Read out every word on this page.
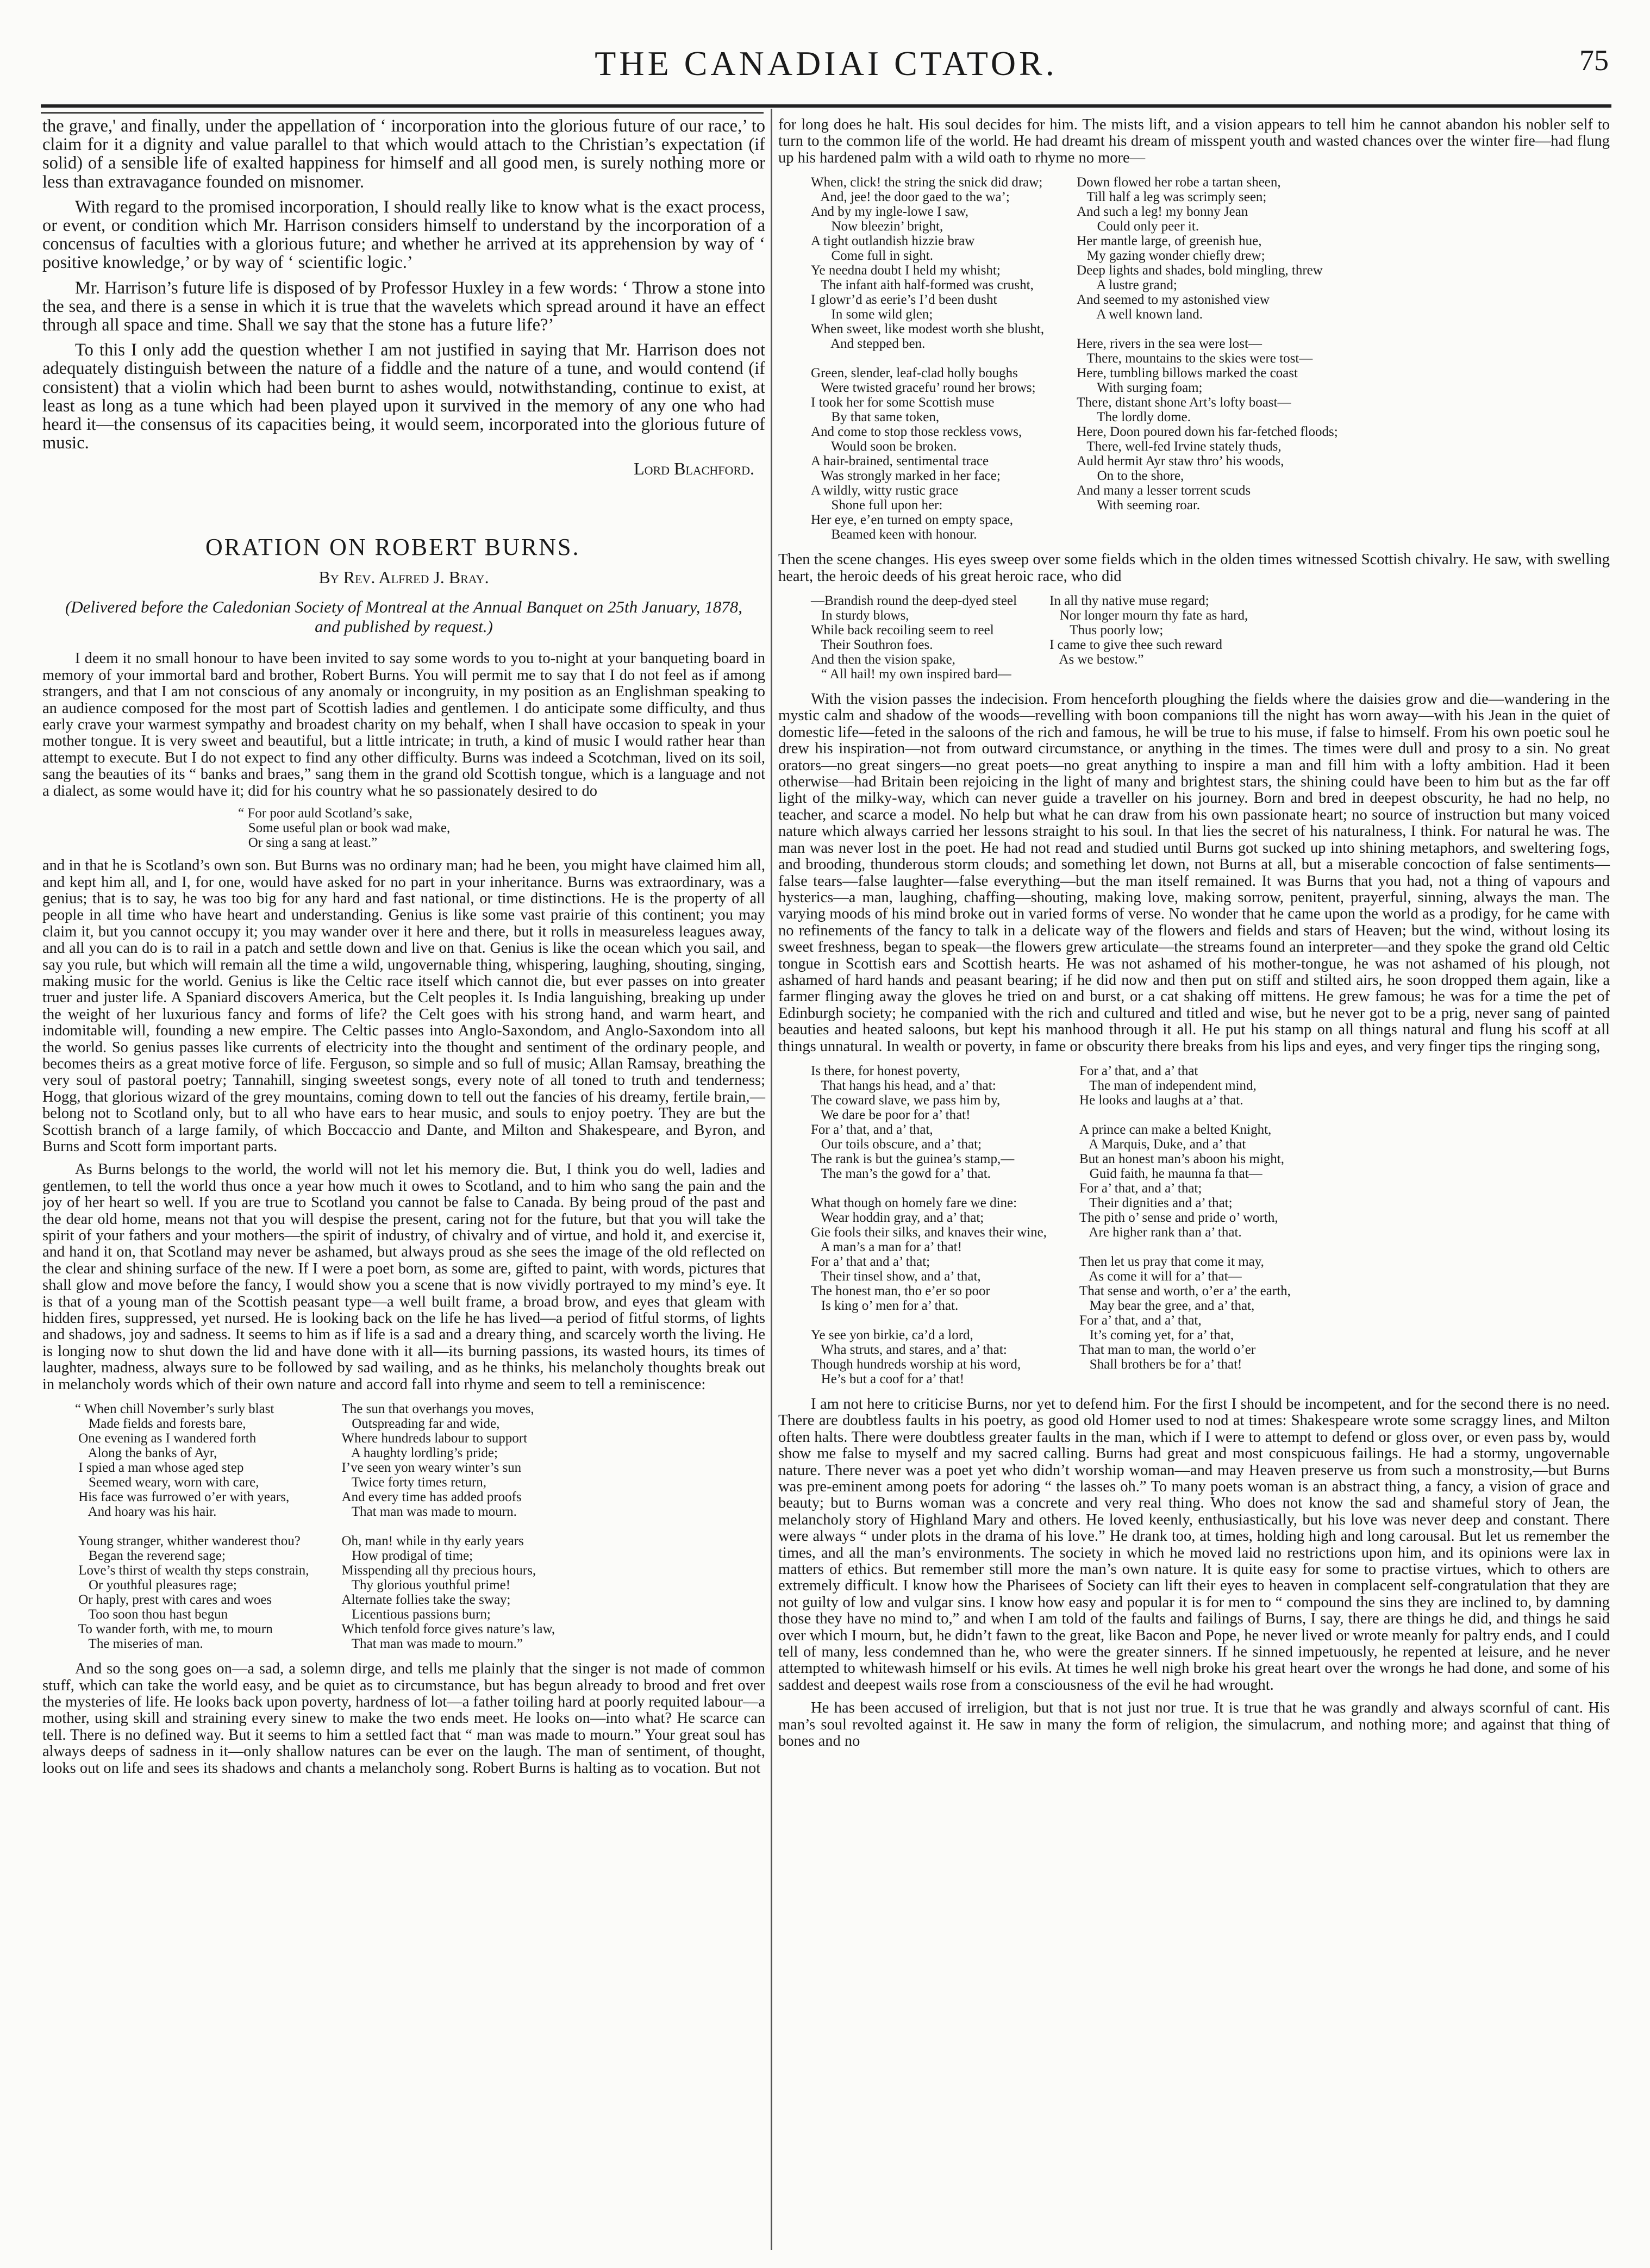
THE CANADIAI CTATOR.	75

the grave,' and finally, under the appellation of ‘ incorporation into the glorious future of our race,’ to claim for it a dignity and value parallel to that which would attach to the Christian’s expectation (if solid) of a sensible life of exalted happiness for himself and all good men, is surely nothing more or less than extravagance founded on misnomer.

With regard to the promised incorporation, I should really like to know what is the exact process, or event, or condition which Mr. Harrison considers himself to understand by the incorporation of a concensus of faculties with a glorious future; and whether he arrived at its apprehension by way of ‘ positive knowledge,’ or by way of ‘ scientific logic.’

Mr. Harrison’s future life is disposed of by Professor Huxley in a few words: ‘ Throw a stone into the sea, and there is a sense in which it is true that the wavelets which spread around it have an effect through all space and time. Shall we say that the stone has a future life?’

To this I only add the question whether I am not justified in saying that Mr. Harrison does not adequately distinguish between the nature of a fiddle and the nature of a tune, and would contend (if consistent) that a violin which had been burnt to ashes would, notwithstanding, continue to exist, at least as long as a tune which had been played upon it survived in the memory of any one who had heard it—the consensus of its capacities being, it would seem, incorporated into the glorious future of music.

Lord Blachford.
ORATION ON ROBERT BURNS.
By Rev. Alfred J. Bray.
(Delivered before the Caledonian Society of Montreal at the Annual Banquet on 25th January, 1878, and published by request.)

I deem it no small honour to have been invited to say some words to you to-night at your banqueting board in memory of your immortal bard and brother, Robert Burns. You will permit me to say that I do not feel as if among strangers, and that I am not conscious of any anomaly or incongruity, in my position as an Englishman speaking to an audience composed for the most part of Scottish ladies and gentlemen. I do anticipate some difficulty, and thus early crave your warmest sympathy and broadest charity on my behalf, when I shall have occasion to speak in your mother tongue. It is very sweet and beautiful, but a little intricate; in truth, a kind of music I would rather hear than attempt to execute. But I do not expect to find any other difficulty. Burns was indeed a Scotchman, lived on its soil, sang the beauties of its “ banks and braes,” sang them in the grand old Scottish tongue, which is a language and not a dialect, as some would have it; did for his country what he so passionately desired to do

“ For poor auld Scotland’s sake,
Some useful plan or book wad make,
Or sing a sang at least.”

and in that he is Scotland’s own son. But Burns was no ordinary man; had he been, you might have claimed him all, and kept him all, and I, for one, would have asked for no part in your inheritance. Burns was extraordinary, was a genius; that is to say, he was too big for any hard and fast national, or time distinctions. He is the property of all people in all time who have heart and understanding. Genius is like some vast prairie of this continent; you may claim it, but you cannot occupy it; you may wander over it here and there, but it rolls in measureless leagues away, and all you can do is to rail in a patch and settle down and live on that. Genius is like the ocean which you sail, and say you rule, but which will remain all the time a wild, ungovernable thing, whispering, laughing, shouting, singing, making music for the world. Genius is like the Celtic race itself which cannot die, but ever passes on into greater truer and juster life. A Spaniard discovers America, but the Celt peoples it. Is India languishing, breaking up under the weight of her luxurious fancy and forms of life? the Celt goes with his strong hand, and warm heart, and indomitable will, founding a new empire. The Celtic passes into Anglo-Saxondom, and Anglo-Saxondom into all the world. So genius passes like currents of electricity into the thought and sentiment of the ordinary people, and becomes theirs as a great motive force of life. Ferguson, so simple and so full of music; Allan Ramsay, breathing the very soul of pastoral poetry; Tannahill, singing sweetest songs, every note of all toned to truth and tenderness; Hogg, that glorious wizard of the grey mountains, coming down to tell out the fancies of his dreamy, fertile brain,—belong not to Scotland only, but to all who have ears to hear music, and souls to enjoy poetry. They are but the Scottish branch of a large family, of which Boccaccio and Dante, and Milton and Shakespeare, and Byron, and Burns and Scott form important parts.

As Burns belongs to the world, the world will not let his memory die. But, I think you do well, ladies and gentlemen, to tell the world thus once a year how much it owes to Scotland, and to him who sang the pain and the joy of her heart so well. If you are true to Scotland you cannot be false to Canada. By being proud of the past and the dear old home, means not that you will despise the present, caring not for the future, but that you will take the spirit of your fathers and your mothers—the spirit of industry, of chivalry and of virtue, and hold it, and exercise it, and hand it on, that Scotland may never be ashamed, but always proud as she sees the image of the old reflected on the clear and shining surface of the new. If I were a poet born, as some are, gifted to paint, with words, pictures that shall glow and move before the fancy, I would show you a scene that is now vividly portrayed to my mind’s eye. It is that of a young man of the Scottish peasant type—a well built frame, a broad brow, and eyes that gleam with hidden fires, suppressed, yet nursed. He is looking back on the life he has lived—a period of fitful storms, of lights and shadows, joy and sadness. It seems to him as if life is a sad and a dreary thing, and scarcely worth the living. He is longing now to shut down the lid and have done with it all—its burning passions, its wasted hours, its times of laughter, madness, always sure to be followed by sad wailing, and as he thinks, his melancholy thoughts break out in melancholy words which of their own nature and accord fall into rhyme and seem to tell a reminiscence:

“ When chill November’s surly blast
Made fields and forests bare,
One evening as I wandered forth
Along the banks of Ayr,
I spied a man whose aged step
Seemed weary, worn with care,
His face was furrowed o’er with years,
And hoary was his hair.

Young stranger, whither wanderest thou?
Began the reverend sage;
Love’s thirst of wealth thy steps constrain,
Or youthful pleasures rage;
Or haply, prest with cares and woes
Too soon thou hast begun
To wander forth, with me, to mourn
The miseries of man.
The sun that overhangs you moves,
Outspreading far and wide,
Where hundreds labour to support
A haughty lordling’s pride;
I’ve seen yon weary winter’s sun
Twice forty times return,
And every time has added proofs
That man was made to mourn.

Oh, man! while in thy early years
How prodigal of time;
Misspending all thy precious hours,
Thy glorious youthful prime!
Alternate follies take the sway;
Licentious passions burn;
Which tenfold force gives nature’s law,
That man was made to mourn.”

And so the song goes on—a sad, a solemn dirge, and tells me plainly that the singer is not made of common stuff, which can take the world easy, and be quiet as to circumstance, but has begun already to brood and fret over the mysteries of life. He looks back upon poverty, hardness of lot—a father toiling hard at poorly requited labour—a mother, using skill and straining every sinew to make the two ends meet. He looks on—into what? He scarce can tell. There is no defined way. But it seems to him a settled fact that “ man was made to mourn.” Your great soul has always deeps of sadness in it—only shallow natures can be ever on the laugh. The man of sentiment, of thought, looks out on life and sees its shadows and chants a melancholy song. Robert Burns is halting as to vocation. But not

for long does he halt. His soul decides for him. The mists lift, and a vision appears to tell him he cannot abandon his nobler self to turn to the common life of the world. He had dreamt his dream of misspent youth and wasted chances over the winter fire—had flung up his hardened palm with a wild oath to rhyme no more—

When, click! the string the snick did draw;
And, jee! the door gaed to the wa’;
And by my ingle-lowe I saw,
Now bleezin’ bright,
A tight outlandish hizzie braw
Come full in sight.
Ye needna doubt I held my whisht;
The infant aith half-formed was crusht,
I glowr’d as eerie’s I’d been dusht
In some wild glen;
When sweet, like modest worth she blusht,
And stepped ben.

Green, slender, leaf-clad holly boughs
Were twisted gracefu’ round her brows;
I took her for some Scottish muse
By that same token,
And come to stop those reckless vows,
Would soon be broken.
A hair-brained, sentimental trace
Was strongly marked in her face;
A wildly, witty rustic grace
Shone full upon her:
Her eye, e’en turned on empty space,
Beamed keen with honour.
Down flowed her robe a tartan sheen,
Till half a leg was scrimply seen;
And such a leg! my bonny Jean
Could only peer it.
Her mantle large, of greenish hue,
My gazing wonder chiefly drew;
Deep lights and shades, bold mingling, threw
A lustre grand;
And seemed to my astonished view
A well known land.

Here, rivers in the sea were lost—
There, mountains to the skies were tost—
Here, tumbling billows marked the coast
With surging foam;
There, distant shone Art’s lofty boast—
The lordly dome.
Here, Doon poured down his far-fetched floods;
There, well-fed Irvine stately thuds,
Auld hermit Ayr staw thro’ his woods,
On to the shore,
And many a lesser torrent scuds
With seeming roar.

Then the scene changes. His eyes sweep over some fields which in the olden times witnessed Scottish chivalry. He saw, with swelling heart, the heroic deeds of his great heroic race, who did

—Brandish round the deep-dyed steel
In sturdy blows,
While back recoiling seem to reel
Their Southron foes.
And then the vision spake,
“ All hail! my own inspired bard—
In all thy native muse regard;
Nor longer mourn thy fate as hard,
Thus poorly low;
I came to give thee such reward
As we bestow.”

With the vision passes the indecision. From henceforth ploughing the fields where the daisies grow and die—wandering in the mystic calm and shadow of the woods—revelling with boon companions till the night has worn away—with his Jean in the quiet of domestic life—feted in the saloons of the rich and famous, he will be true to his muse, if false to himself. From his own poetic soul he drew his inspiration—not from outward circumstance, or anything in the times. The times were dull and prosy to a sin. No great orators—no great singers—no great poets—no great anything to inspire a man and fill him with a lofty ambition. Had it been otherwise—had Britain been rejoicing in the light of many and brightest stars, the shining could have been to him but as the far off light of the milky-way, which can never guide a traveller on his journey. Born and bred in deepest obscurity, he had no help, no teacher, and scarce a model. No help but what he can draw from his own passionate heart; no source of instruction but many voiced nature which always carried her lessons straight to his soul. In that lies the secret of his naturalness, I think. For natural he was. The man was never lost in the poet. He had not read and studied until Burns got sucked up into shining metaphors, and sweltering fogs, and brooding, thunderous storm clouds; and something let down, not Burns at all, but a miserable concoction of false sentiments—false tears—false laughter—false everything—but the man itself remained. It was Burns that you had, not a thing of vapours and hysterics—a man, laughing, chaffing—shouting, making love, making sorrow, penitent, prayerful, sinning, always the man. The varying moods of his mind broke out in varied forms of verse. No wonder that he came upon the world as a prodigy, for he came with no refinements of the fancy to talk in a delicate way of the flowers and fields and stars of Heaven; but the wind, without losing its sweet freshness, began to speak—the flowers grew articulate—the streams found an interpreter—and they spoke the grand old Celtic tongue in Scottish ears and Scottish hearts. He was not ashamed of his mother-tongue, he was not ashamed of his plough, not ashamed of hard hands and peasant bearing; if he did now and then put on stiff and stilted airs, he soon dropped them again, like a farmer flinging away the gloves he tried on and burst, or a cat shaking off mittens. He grew famous; he was for a time the pet of Edinburgh society; he companied with the rich and cultured and titled and wise, but he never got to be a prig, never sang of painted beauties and heated saloons, but kept his manhood through it all. He put his stamp on all things natural and flung his scoff at all things unnatural. In wealth or poverty, in fame or obscurity there breaks from his lips and eyes, and very finger tips the ringing song,

Is there, for honest poverty,
That hangs his head, and a’ that:
The coward slave, we pass him by,
We dare be poor for a’ that!
For a’ that, and a’ that,
Our toils obscure, and a’ that;
The rank is but the guinea’s stamp,—
The man’s the gowd for a’ that.

What though on homely fare we dine:
Wear hoddin gray, and a’ that;
Gie fools their silks, and knaves their wine,
A man’s a man for a’ that!
For a’ that and a’ that;
Their tinsel show, and a’ that,
The honest man, tho e’er so poor
Is king o’ men for a’ that.

Ye see yon birkie, ca’d a lord,
Wha struts, and stares, and a’ that:
Though hundreds worship at his word,
He’s but a coof for a’ that!
For a’ that, and a’ that
The man of independent mind,
He looks and laughs at a’ that.

A prince can make a belted Knight,
A Marquis, Duke, and a’ that
But an honest man’s aboon his might,
Guid faith, he maunna fa that—
For a’ that, and a’ that;
Their dignities and a’ that;
The pith o’ sense and pride o’ worth,
Are higher rank than a’ that.

Then let us pray that come it may,
As come it will for a’ that—
That sense and worth, o’er a’ the earth,
May bear the gree, and a’ that,
For a’ that, and a’ that,
It’s coming yet, for a’ that,
That man to man, the world o’er
Shall brothers be for a’ that!

I am not here to criticise Burns, nor yet to defend him. For the first I should be incompetent, and for the second there is no need. There are doubtless faults in his poetry, as good old Homer used to nod at times: Shakespeare wrote some scraggy lines, and Milton often halts. There were doubtless greater faults in the man, which if I were to attempt to defend or gloss over, or even pass by, would show me false to myself and my sacred calling. Burns had great and most conspicuous failings. He had a stormy, ungovernable nature. There never was a poet yet who didn’t worship woman—and may Heaven preserve us from such a monstrosity,—but Burns was pre-eminent among poets for adoring “ the lasses oh.” To many poets woman is an abstract thing, a fancy, a vision of grace and beauty; but to Burns woman was a concrete and very real thing. Who does not know the sad and shameful story of Jean, the melancholy story of Highland Mary and others. He loved keenly, enthusiastically, but his love was never deep and constant. There were always “ under plots in the drama of his love.” He drank too, at times, holding high and long carousal. But let us remember the times, and all the man’s environments. The society in which he moved laid no restrictions upon him, and its opinions were lax in matters of ethics. But remember still more the man’s own nature. It is quite easy for some to practise virtues, which to others are extremely difficult. I know how the Pharisees of Society can lift their eyes to heaven in complacent self-congratulation that they are not guilty of low and vulgar sins. I know how easy and popular it is for men to “ compound the sins they are inclined to, by damning those they have no mind to,” and when I am told of the faults and failings of Burns, I say, there are things he did, and things he said over which I mourn, but, he didn’t fawn to the great, like Bacon and Pope, he never lived or wrote meanly for paltry ends, and I could tell of many, less condemned than he, who were the greater sinners. If he sinned impetuously, he repented at leisure, and he never attempted to whitewash himself or his evils. At times he well nigh broke his great heart over the wrongs he had done, and some of his saddest and deepest wails rose from a consciousness of the evil he had wrought.

He has been accused of irreligion, but that is not just nor true. It is true that he was grandly and always scornful of cant. His man’s soul revolted against it. He saw in many the form of religion, the simulacrum, and nothing more; and against that thing of bones and no
